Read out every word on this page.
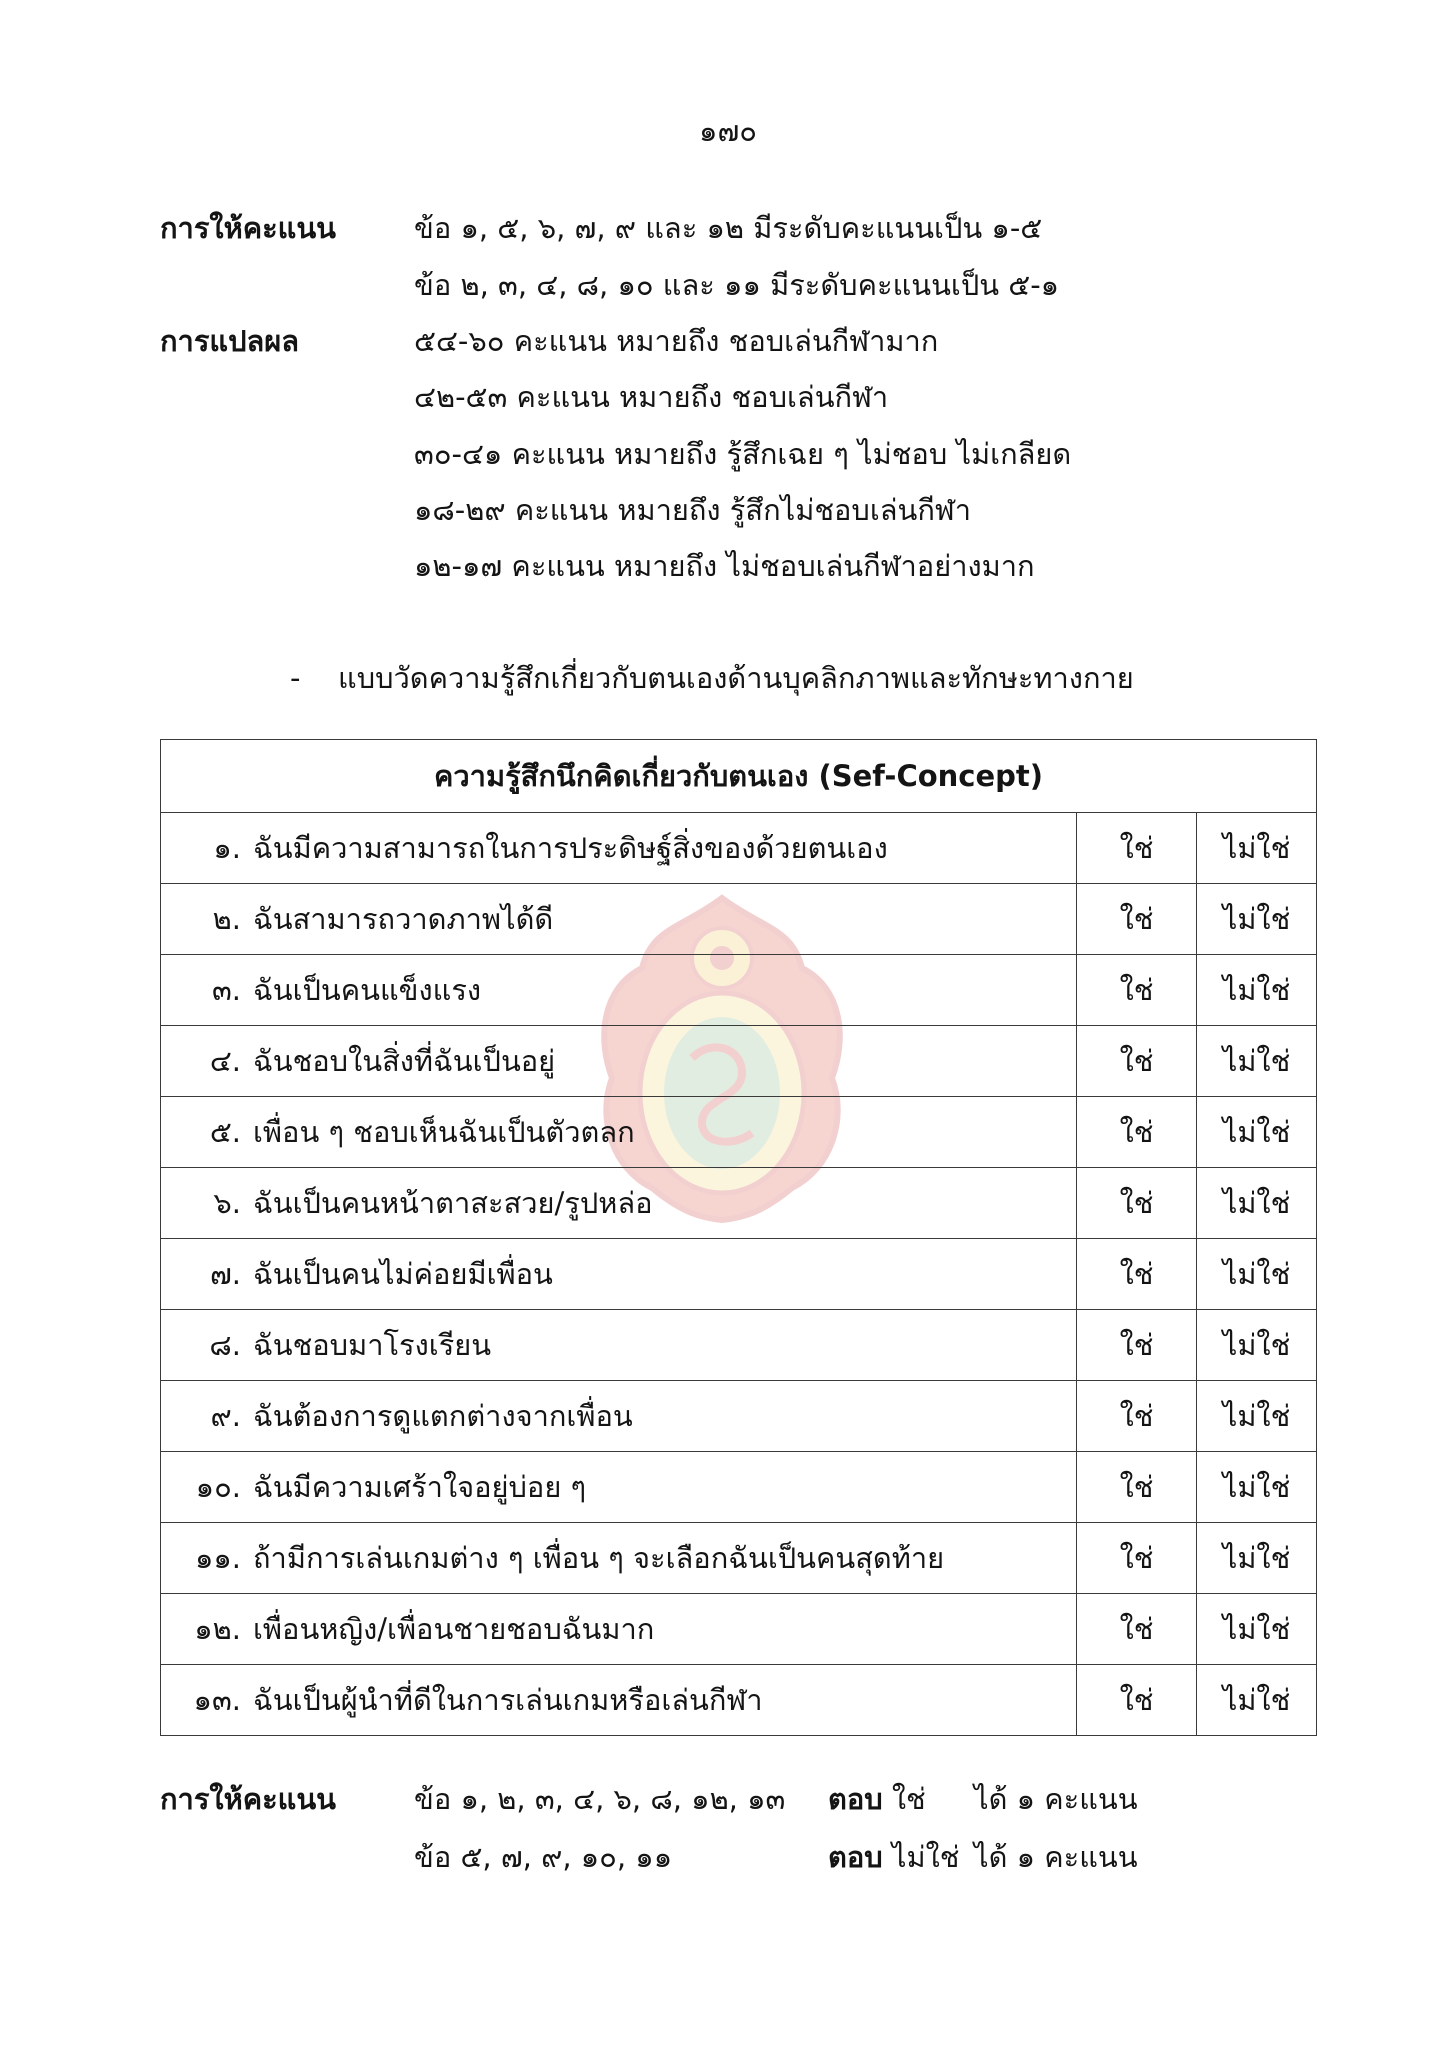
๑๗๐
การให้คะแนน	ข้อ ๑, ๕, ๖, ๗, ๙ และ ๑๒ มีระดับคะแนนเป็น ๑-๕
ข้อ ๒, ๓, ๔, ๘, ๑๐ และ ๑๑ มีระดับคะแนนเป็น ๕-๑
การแปลผล	๕๔-๖๐ คะแนน หมายถึง ชอบเล่นกีฬามาก
๔๒-๕๓ คะแนน หมายถึง ชอบเล่นกีฬา
๓๐-๔๑ คะแนน หมายถึง รู้สึกเฉย ๆ ไม่ชอบ ไม่เกลียด
๑๘-๒๙ คะแนน หมายถึง รู้สึกไม่ชอบเล่นกีฬา
๑๒-๑๗ คะแนน หมายถึง ไม่ชอบเล่นกีฬาอย่างมาก
- แบบวัดความรู้สึกเกี่ยวกับตนเองด้านบุคลิกภาพและทักษะทางกาย
ความรู้สึกนึกคิดเกี่ยวกับตนเอง (Sef-Concept)		
๑. ฉันมีความสามารถในการประดิษฐ์สิ่งของด้วยตนเอง	ใช่	ไม่ใช่
๒. ฉันสามารถวาดภาพได้ดี	ใช่	ไม่ใช่
๓. ฉันเป็นคนแข็งแรง	ใช่	ไม่ใช่
๔. ฉันชอบในสิ่งที่ฉันเป็นอยู่	ใช่	ไม่ใช่
๕. เพื่อน ๆ ชอบเห็นฉันเป็นตัวตลก	ใช่	ไม่ใช่
๖. ฉันเป็นคนหน้าตาสะสวย/รูปหล่อ	ใช่	ไม่ใช่
๗. ฉันเป็นคนไม่ค่อยมีเพื่อน	ใช่	ไม่ใช่
๘. ฉันชอบมาโรงเรียน	ใช่	ไม่ใช่
๙. ฉันต้องการดูแตกต่างจากเพื่อน	ใช่	ไม่ใช่
๑๐. ฉันมีความเศร้าใจอยู่บ่อย ๆ	ใช่	ไม่ใช่
๑๑. ถ้ามีการเล่นเกมต่าง ๆ เพื่อน ๆ จะเลือกฉันเป็นคนสุดท้าย	ใช่	ไม่ใช่
๑๒. เพื่อนหญิง/เพื่อนชายชอบฉันมาก	ใช่	ไม่ใช่
๑๓. ฉันเป็นผู้นำที่ดีในการเล่นเกมหรือเล่นกีฬา	ใช่	ไม่ใช่
การให้คะแนน	ข้อ ๑, ๒, ๓, ๔, ๖, ๘, ๑๒, ๑๓ ตอบ ใช่ ได้ ๑ คะแนน
ข้อ ๕, ๗, ๙, ๑๐, ๑๑	ตอบ ไม่ใช่ ได้ ๑ คะแนน
